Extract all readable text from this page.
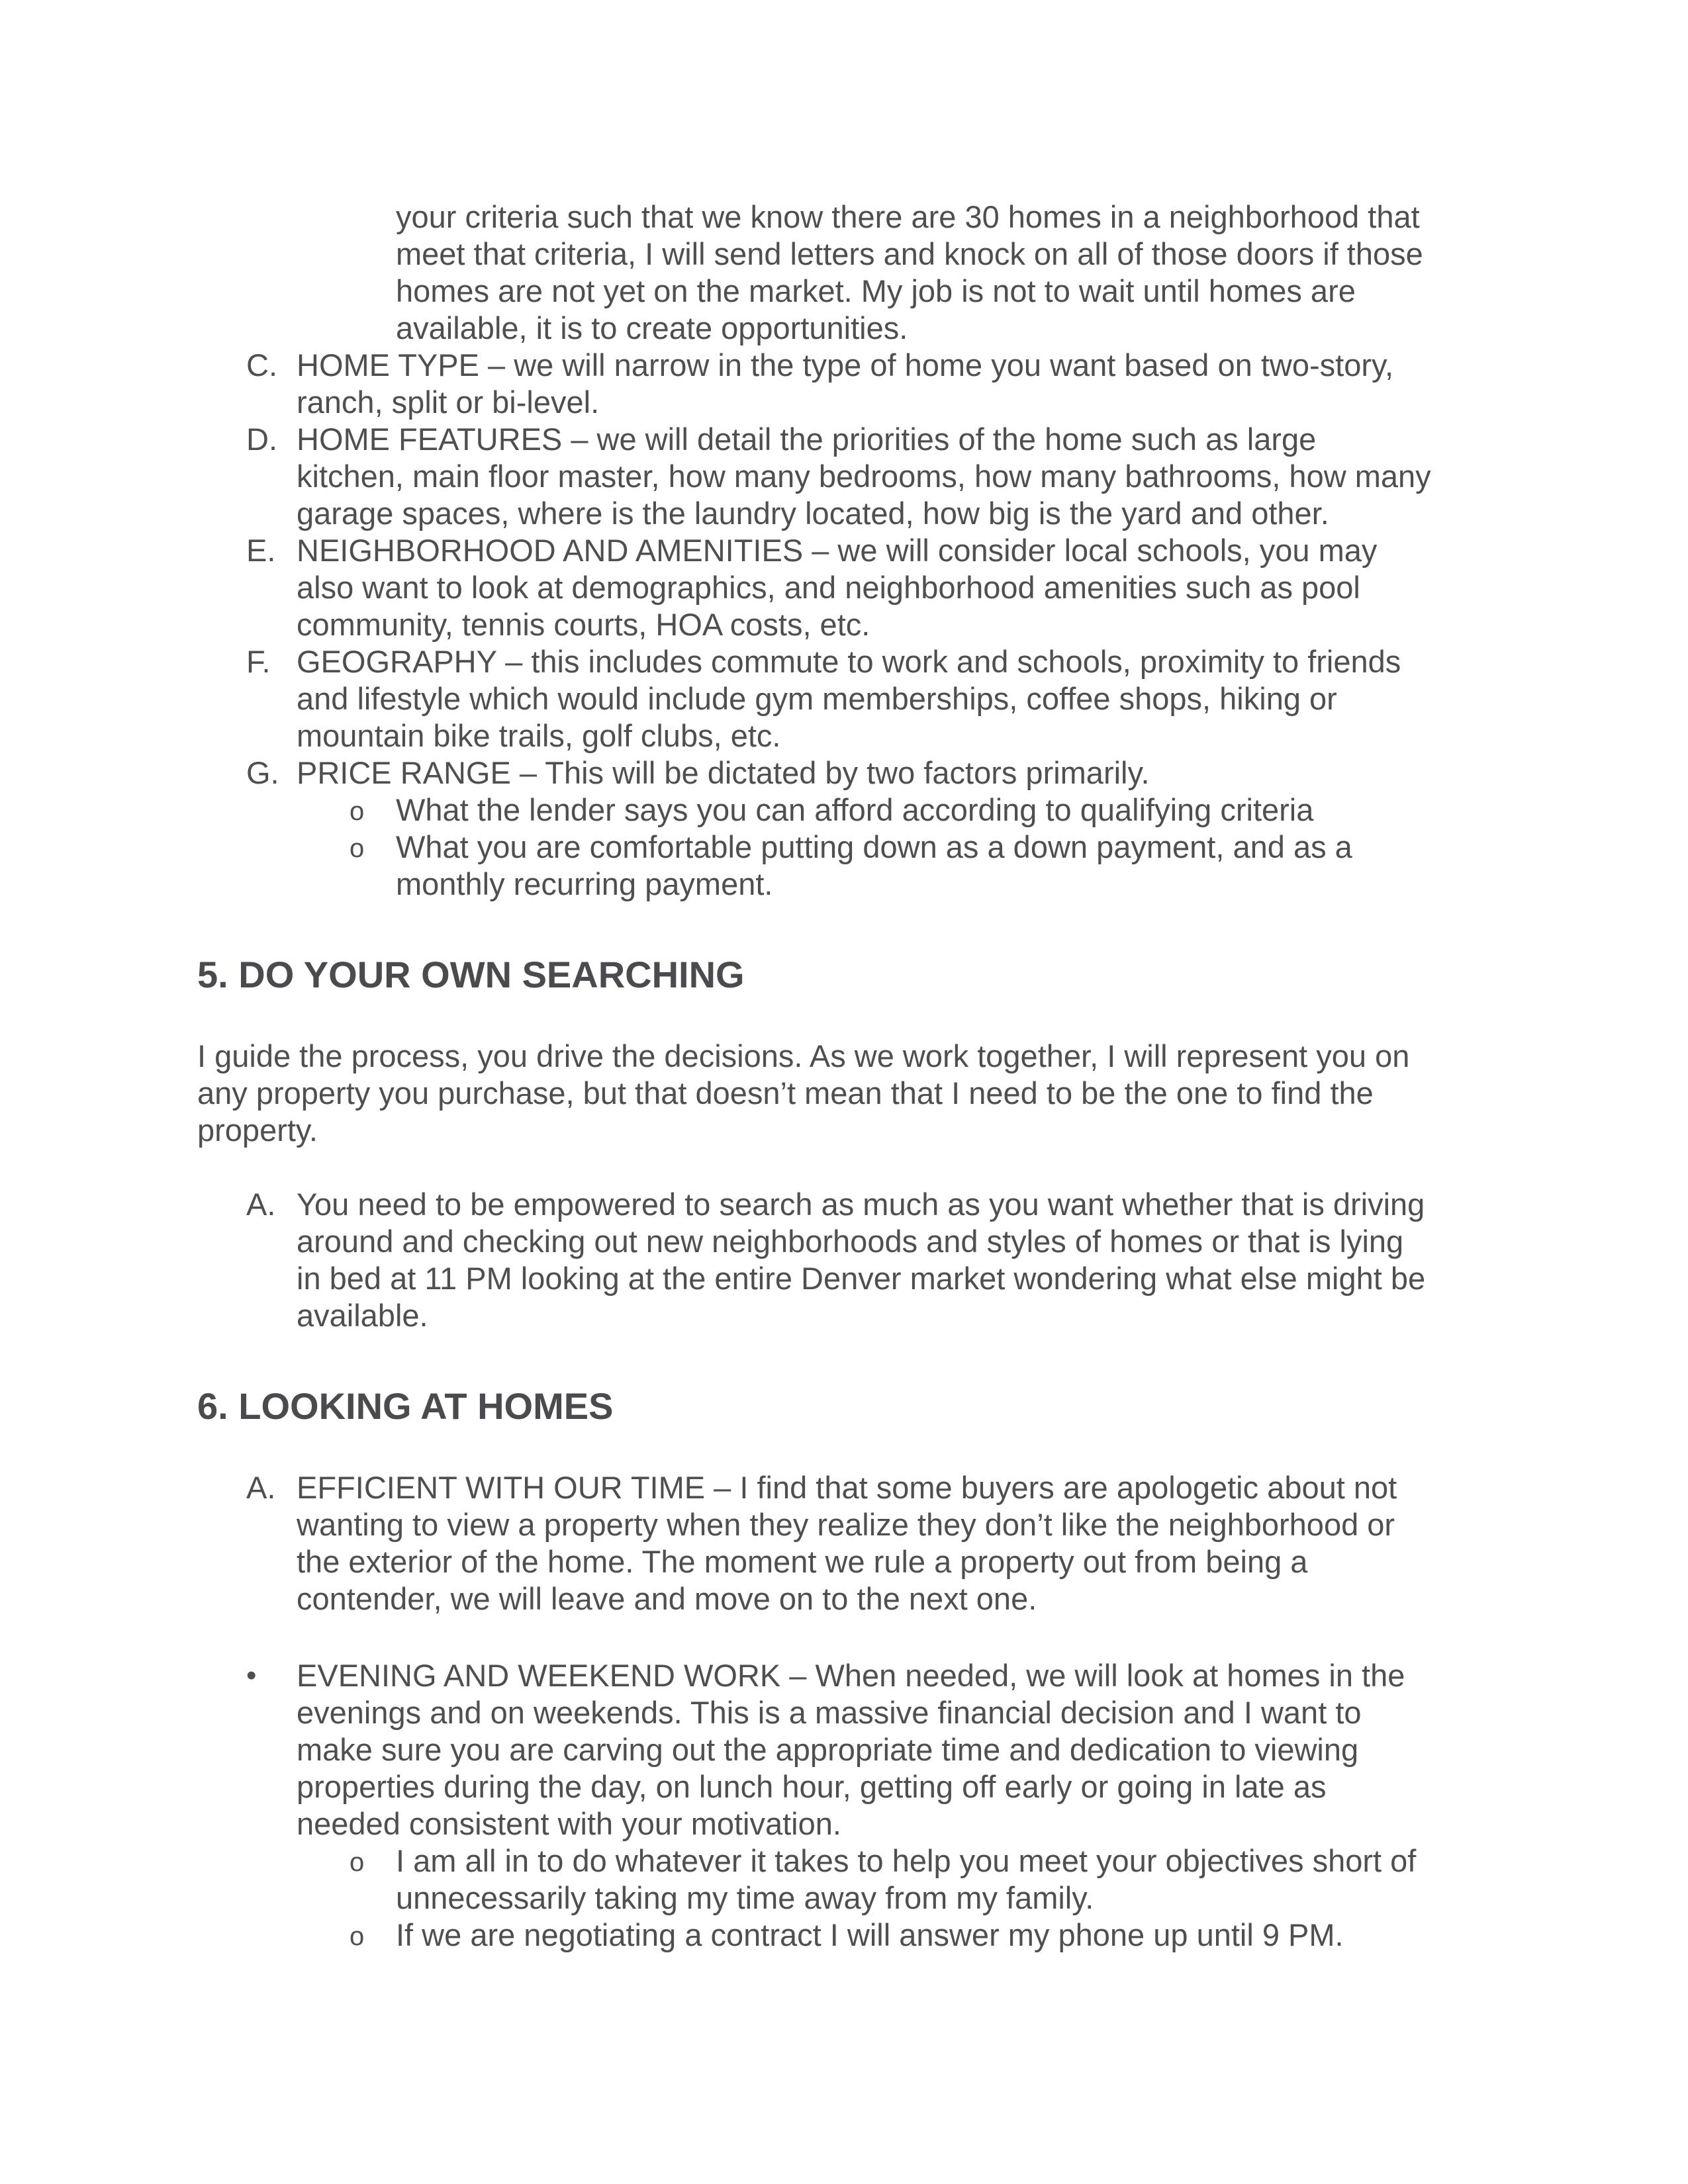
your criteria such that we know there are 30 homes in a neighborhood that
meet that criteria, I will send letters and knock on all of those doors if those
homes are not yet on the market. My job is not to wait until homes are
available, it is to create opportunities.
C. HOME TYPE – we will narrow in the type of home you want based on two-story,
ranch, split or bi-level.
D. HOME FEATURES – we will detail the priorities of the home such as large
kitchen, main floor master, how many bedrooms, how many bathrooms, how many
garage spaces, where is the laundry located, how big is the yard and other.
E. NEIGHBORHOOD AND AMENITIES – we will consider local schools, you may
also want to look at demographics, and neighborhood amenities such as pool
community, tennis courts, HOA costs, etc.
F. GEOGRAPHY – this includes commute to work and schools, proximity to friends
and lifestyle which would include gym memberships, coffee shops, hiking or
mountain bike trails, golf clubs, etc.
G. PRICE RANGE – This will be dictated by two factors primarily.
o What the lender says you can afford according to qualifying criteria
o What you are comfortable putting down as a down payment, and as a
monthly recurring payment.
5. DO YOUR OWN SEARCHING
I guide the process, you drive the decisions. As we work together, I will represent you on
any property you purchase, but that doesn’t mean that I need to be the one to find the
property.
A. You need to be empowered to search as much as you want whether that is driving
around and checking out new neighborhoods and styles of homes or that is lying
in bed at 11 PM looking at the entire Denver market wondering what else might be
available.
6. LOOKING AT HOMES
A. EFFICIENT WITH OUR TIME – I find that some buyers are apologetic about not
wanting to view a property when they realize they don’t like the neighborhood or
the exterior of the home. The moment we rule a property out from being a
contender, we will leave and move on to the next one.
• EVENING AND WEEKEND WORK – When needed, we will look at homes in the
evenings and on weekends. This is a massive financial decision and I want to
make sure you are carving out the appropriate time and dedication to viewing
properties during the day, on lunch hour, getting off early or going in late as
needed consistent with your motivation.
o I am all in to do whatever it takes to help you meet your objectives short of
unnecessarily taking my time away from my family.
o If we are negotiating a contract I will answer my phone up until 9 PM.
